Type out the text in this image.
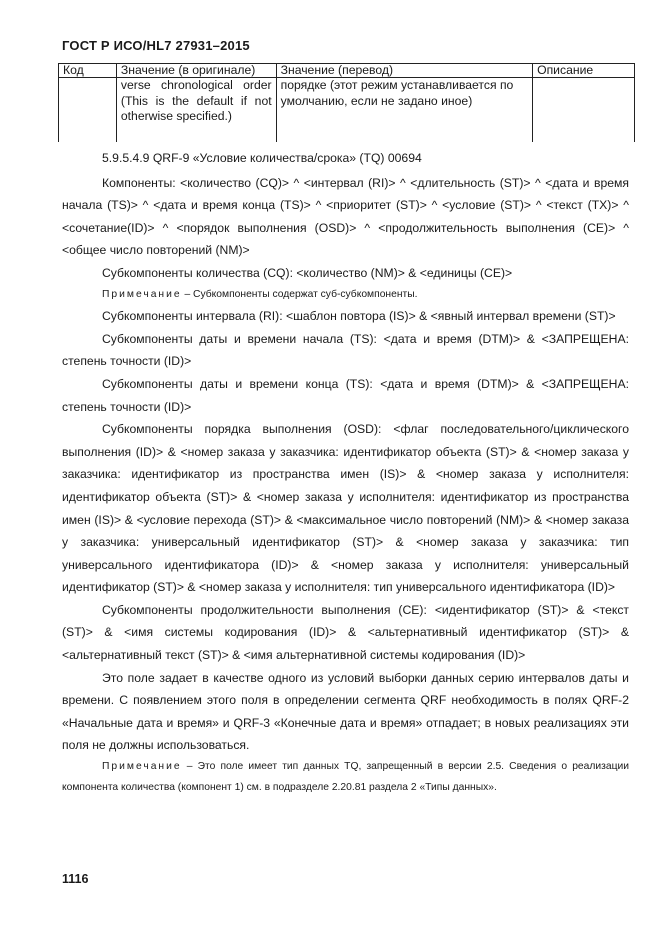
ГОСТ Р ИСО/HL7 27931–2015
Код	Значение (в оригинале)	Значение (перевод)	Описание
	verse chronological order (This is the default if not otherwise specified.)	порядке (этот режим устанавливается по умолчанию, если не задано иное)	

5.9.5.4.9 QRF-9 «Условие количества/срока» (TQ) 00694

Компоненты: <количество (CQ)> ^ <интервал (RI)> ^ <длительность (ST)> ^ <дата и время начала (TS)> ^ <дата и время конца (TS)> ^ <приоритет (ST)> ^ <условие (ST)> ^ <текст (TX)> ^ <сочетание(ID)> ^ <порядок выполнения (OSD)> ^ <продолжительность выполнения (CE)> ^ <общее число повторений (NM)>

Субкомпоненты количества (CQ): <количество (NM)> & <единицы (CE)>

Примечание – Субкомпоненты содержат суб-субкомпоненты.

Субкомпоненты интервала (RI): <шаблон повтора (IS)> & <явный интервал времени (ST)>

Субкомпоненты даты и времени начала (TS): <дата и время (DTM)> & <ЗАПРЕЩЕНА: степень точности (ID)>

Субкомпоненты даты и времени конца (TS): <дата и время (DTM)> & <ЗАПРЕЩЕНА: степень точности (ID)>

Субкомпоненты порядка выполнения (OSD): <флаг последовательного/циклического выполнения (ID)> & <номер заказа у заказчика: идентификатор объекта (ST)> & <номер заказа у заказчика: идентификатор из пространства имен (IS)> & <номер заказа у исполнителя: идентификатор объекта (ST)> & <номер заказа у исполнителя: идентификатор из пространства имен (IS)> & <условие перехода (ST)> & <максимальное число повторений (NM)> & <номер заказа у заказчика: универсальный идентификатор (ST)> & <номер заказа у заказчика: тип универсального идентификатора (ID)> & <номер заказа у исполнителя: универсальный идентификатор (ST)> & <номер заказа у исполнителя: тип универсального идентификатора (ID)>

Субкомпоненты продолжительности выполнения (CE): <идентификатор (ST)> & <текст (ST)> & <имя системы кодирования (ID)> & <альтернативный идентификатор (ST)> & <альтернативный текст (ST)> & <имя альтернативной системы кодирования (ID)>

Это поле задает в качестве одного из условий выборки данных серию интервалов даты и времени. С появлением этого поля в определении сегмента QRF необходимость в полях QRF-2 «Начальные дата и время» и QRF-3 «Конечные дата и время» отпадает; в новых реализациях эти поля не должны использоваться.

Примечание – Это поле имеет тип данных TQ, запрещенный в версии 2.5. Сведения о реализации компонента количества (компонент 1) см. в подразделе 2.20.81 раздела 2 «Типы данных».

1116
